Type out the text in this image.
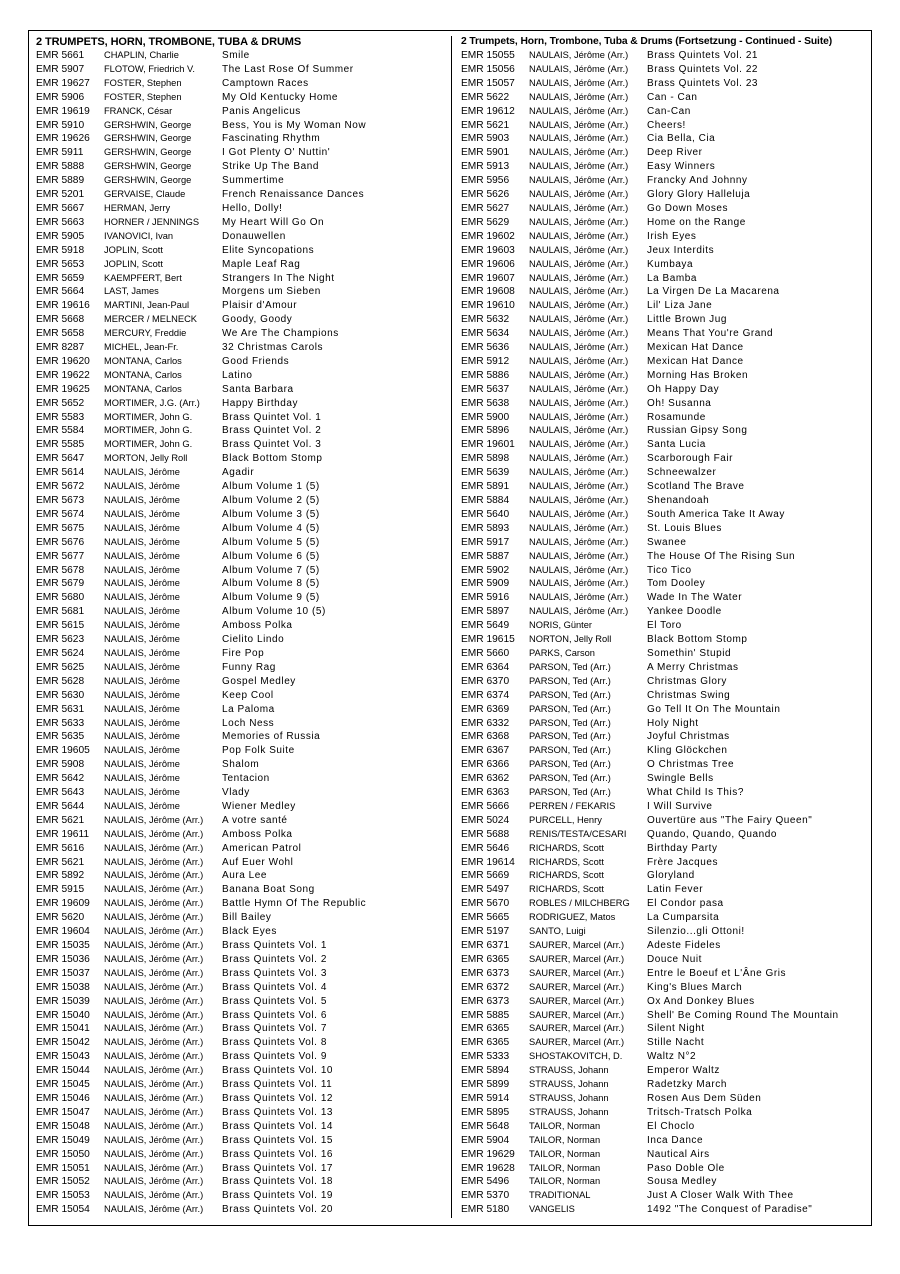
2 TRUMPETS, HORN, TROMBONE, TUBA & DRUMS
EMR 5661	CHAPLIN, Charlie	Smile
EMR 5907	FLOTOW, Friedrich V.	The Last Rose Of Summer
EMR 19627	FOSTER, Stephen	Camptown Races
EMR 5906	FOSTER, Stephen	My Old Kentucky Home
EMR 19619	FRANCK, César	Panis Angelicus
EMR 5910	GERSHWIN, George	Bess, You is My Woman Now
EMR 19626	GERSHWIN, George	Fascinating Rhythm
EMR 5911	GERSHWIN, George	I Got Plenty O' Nuttin'
EMR 5888	GERSHWIN, George	Strike Up The Band
EMR 5889	GERSHWIN, George	Summertime
EMR 5201	GERVAISE, Claude	French Renaissance Dances
EMR 5667	HERMAN, Jerry	Hello, Dolly!
EMR 5663	HORNER / JENNINGS	My Heart Will Go On
EMR 5905	IVANOVICI, Ivan	Donauwellen
EMR 5918	JOPLIN, Scott	Elite Syncopations
EMR 5653	JOPLIN, Scott	Maple Leaf Rag
EMR 5659	KAEMPFERT, Bert	Strangers In The Night
EMR 5664	LAST, James	Morgens um Sieben
EMR 19616	MARTINI, Jean-Paul	Plaisir d'Amour
EMR 5668	MERCER / MELNECK	Goody, Goody
EMR 5658	MERCURY, Freddie	We Are The Champions
EMR 8287	MICHEL, Jean-Fr.	32 Christmas Carols
EMR 19620	MONTANA, Carlos	Good Friends
EMR 19622	MONTANA, Carlos	Latino
EMR 19625	MONTANA, Carlos	Santa Barbara
EMR 5652	MORTIMER, J.G. (Arr.)	Happy Birthday
EMR 5583	MORTIMER, John G.	Brass Quintet Vol. 1
EMR 5584	MORTIMER, John G.	Brass Quintet Vol. 2
EMR 5585	MORTIMER, John G.	Brass Quintet Vol. 3
EMR 5647	MORTON, Jelly Roll	Black Bottom Stomp
EMR 5614	NAULAIS, Jérôme	Agadir
EMR 5672	NAULAIS, Jérôme	Album Volume 1 (5)
EMR 5673	NAULAIS, Jérôme	Album Volume 2 (5)
EMR 5674	NAULAIS, Jérôme	Album Volume 3 (5)
EMR 5675	NAULAIS, Jérôme	Album Volume 4 (5)
EMR 5676	NAULAIS, Jérôme	Album Volume 5 (5)
EMR 5677	NAULAIS, Jérôme	Album Volume 6 (5)
EMR 5678	NAULAIS, Jérôme	Album Volume 7 (5)
EMR 5679	NAULAIS, Jérôme	Album Volume 8 (5)
EMR 5680	NAULAIS, Jérôme	Album Volume 9 (5)
EMR 5681	NAULAIS, Jérôme	Album Volume 10 (5)
EMR 5615	NAULAIS, Jérôme	Amboss Polka
EMR 5623	NAULAIS, Jérôme	Cielito Lindo
EMR 5624	NAULAIS, Jérôme	Fire Pop
EMR 5625	NAULAIS, Jérôme	Funny Rag
EMR 5628	NAULAIS, Jérôme	Gospel Medley
EMR 5630	NAULAIS, Jérôme	Keep Cool
EMR 5631	NAULAIS, Jérôme	La Paloma
EMR 5633	NAULAIS, Jérôme	Loch Ness
EMR 5635	NAULAIS, Jérôme	Memories of Russia
EMR 19605	NAULAIS, Jérôme	Pop Folk Suite
EMR 5908	NAULAIS, Jérôme	Shalom
EMR 5642	NAULAIS, Jérôme	Tentacion
EMR 5643	NAULAIS, Jérôme	Vlady
EMR 5644	NAULAIS, Jérôme	Wiener Medley
EMR 5621	NAULAIS, Jérôme (Arr.)	A votre santé
EMR 19611	NAULAIS, Jérôme (Arr.)	Amboss Polka
EMR 5616	NAULAIS, Jérôme (Arr.)	American Patrol
EMR 5621	NAULAIS, Jérôme (Arr.)	Auf Euer Wohl
EMR 5892	NAULAIS, Jérôme (Arr.)	Aura Lee
EMR 5915	NAULAIS, Jérôme (Arr.)	Banana Boat Song
EMR 19609	NAULAIS, Jérôme (Arr.)	Battle Hymn Of The Republic
EMR 5620	NAULAIS, Jérôme (Arr.)	Bill Bailey
EMR 19604	NAULAIS, Jérôme (Arr.)	Black Eyes
EMR 15035	NAULAIS, Jérôme (Arr.)	Brass Quintets Vol. 1
EMR 15036	NAULAIS, Jérôme (Arr.)	Brass Quintets Vol. 2
EMR 15037	NAULAIS, Jérôme (Arr.)	Brass Quintets Vol. 3
EMR 15038	NAULAIS, Jérôme (Arr.)	Brass Quintets Vol. 4
EMR 15039	NAULAIS, Jérôme (Arr.)	Brass Quintets Vol. 5
EMR 15040	NAULAIS, Jérôme (Arr.)	Brass Quintets Vol. 6
EMR 15041	NAULAIS, Jérôme (Arr.)	Brass Quintets Vol. 7
EMR 15042	NAULAIS, Jérôme (Arr.)	Brass Quintets Vol. 8
EMR 15043	NAULAIS, Jérôme (Arr.)	Brass Quintets Vol. 9
EMR 15044	NAULAIS, Jérôme (Arr.)	Brass Quintets Vol. 10
EMR 15045	NAULAIS, Jérôme (Arr.)	Brass Quintets Vol. 11
EMR 15046	NAULAIS, Jérôme (Arr.)	Brass Quintets Vol. 12
EMR 15047	NAULAIS, Jérôme (Arr.)	Brass Quintets Vol. 13
EMR 15048	NAULAIS, Jérôme (Arr.)	Brass Quintets Vol. 14
EMR 15049	NAULAIS, Jérôme (Arr.)	Brass Quintets Vol. 15
EMR 15050	NAULAIS, Jérôme (Arr.)	Brass Quintets Vol. 16
EMR 15051	NAULAIS, Jérôme (Arr.)	Brass Quintets Vol. 17
EMR 15052	NAULAIS, Jérôme (Arr.)	Brass Quintets Vol. 18
EMR 15053	NAULAIS, Jérôme (Arr.)	Brass Quintets Vol. 19
EMR 15054	NAULAIS, Jérôme (Arr.)	Brass Quintets Vol. 20
2 Trumpets, Horn, Trombone, Tuba & Drums (Fortsetzung - Continued - Suite)
EMR 15055	NAULAIS, Jérôme (Arr.)	Brass Quintets Vol. 21
EMR 15056	NAULAIS, Jérôme (Arr.)	Brass Quintets Vol. 22
EMR 15057	NAULAIS, Jérôme (Arr.)	Brass Quintets Vol. 23
EMR 5622	NAULAIS, Jérôme (Arr.)	Can - Can
EMR 19612	NAULAIS, Jérôme (Arr.)	Can-Can
EMR 5621	NAULAIS, Jérôme (Arr.)	Cheers!
EMR 5903	NAULAIS, Jérôme (Arr.)	Cia Bella, Cia
EMR 5901	NAULAIS, Jérôme (Arr.)	Deep River
EMR 5913	NAULAIS, Jérôme (Arr.)	Easy Winners
EMR 5956	NAULAIS, Jérôme (Arr.)	Francky And Johnny
EMR 5626	NAULAIS, Jérôme (Arr.)	Glory Glory Halleluja
EMR 5627	NAULAIS, Jérôme (Arr.)	Go Down Moses
EMR 5629	NAULAIS, Jérôme (Arr.)	Home on the Range
EMR 19602	NAULAIS, Jérôme (Arr.)	Irish Eyes
EMR 19603	NAULAIS, Jérôme (Arr.)	Jeux Interdits
EMR 19606	NAULAIS, Jérôme (Arr.)	Kumbaya
EMR 19607	NAULAIS, Jérôme (Arr.)	La Bamba
EMR 19608	NAULAIS, Jérôme (Arr.)	La Virgen De La Macarena
EMR 19610	NAULAIS, Jérôme (Arr.)	Lil' Liza Jane
EMR 5632	NAULAIS, Jérôme (Arr.)	Little Brown Jug
EMR 5634	NAULAIS, Jérôme (Arr.)	Means That You're Grand
EMR 5636	NAULAIS, Jérôme (Arr.)	Mexican Hat Dance
EMR 5912	NAULAIS, Jérôme (Arr.)	Mexican Hat Dance
EMR 5886	NAULAIS, Jérôme (Arr.)	Morning Has Broken
EMR 5637	NAULAIS, Jérôme (Arr.)	Oh Happy Day
EMR 5638	NAULAIS, Jérôme (Arr.)	Oh! Susanna
EMR 5900	NAULAIS, Jérôme (Arr.)	Rosamunde
EMR 5896	NAULAIS, Jérôme (Arr.)	Russian Gipsy Song
EMR 19601	NAULAIS, Jérôme (Arr.)	Santa Lucia
EMR 5898	NAULAIS, Jérôme (Arr.)	Scarborough Fair
EMR 5639	NAULAIS, Jérôme (Arr.)	Schneewalzer
EMR 5891	NAULAIS, Jérôme (Arr.)	Scotland The Brave
EMR 5884	NAULAIS, Jérôme (Arr.)	Shenandoah
EMR 5640	NAULAIS, Jérôme (Arr.)	South America Take It Away
EMR 5893	NAULAIS, Jérôme (Arr.)	St. Louis Blues
EMR 5917	NAULAIS, Jérôme (Arr.)	Swanee
EMR 5887	NAULAIS, Jérôme (Arr.)	The House Of The Rising Sun
EMR 5902	NAULAIS, Jérôme (Arr.)	Tico Tico
EMR 5909	NAULAIS, Jérôme (Arr.)	Tom Dooley
EMR 5916	NAULAIS, Jérôme (Arr.)	Wade In The Water
EMR 5897	NAULAIS, Jérôme (Arr.)	Yankee Doodle
EMR 5649	NORIS, Günter	El Toro
EMR 19615	NORTON, Jelly Roll	Black Bottom Stomp
EMR 5660	PARKS, Carson	Somethin' Stupid
EMR 6364	PARSON, Ted (Arr.)	A Merry Christmas
EMR 6370	PARSON, Ted (Arr.)	Christmas Glory
EMR 6374	PARSON, Ted (Arr.)	Christmas Swing
EMR 6369	PARSON, Ted (Arr.)	Go Tell It On The Mountain
EMR 6332	PARSON, Ted (Arr.)	Holy Night
EMR 6368	PARSON, Ted (Arr.)	Joyful Christmas
EMR 6367	PARSON, Ted (Arr.)	Kling Glöckchen
EMR 6366	PARSON, Ted (Arr.)	O Christmas Tree
EMR 6362	PARSON, Ted (Arr.)	Swingle Bells
EMR 6363	PARSON, Ted (Arr.)	What Child Is This?
EMR 5666	PERREN / FEKARIS	I Will Survive
EMR 5024	PURCELL, Henry	Ouvertüre aus "The Fairy Queen"
EMR 5688	RENIS/TESTA/CESARI	Quando, Quando, Quando
EMR 5646	RICHARDS, Scott	Birthday Party
EMR 19614	RICHARDS, Scott	Frère Jacques
EMR 5669	RICHARDS, Scott	Gloryland
EMR 5497	RICHARDS, Scott	Latin Fever
EMR 5670	ROBLES / MILCHBERG	El Condor pasa
EMR 5665	RODRIGUEZ, Matos	La Cumparsita
EMR 5197	SANTO, Luigi	Silenzio...gli Ottoni!
EMR 6371	SAURER, Marcel (Arr.)	Adeste Fideles
EMR 6365	SAURER, Marcel (Arr.)	Douce Nuit
EMR 6373	SAURER, Marcel (Arr.)	Entre le Boeuf et L'Âne Gris
EMR 6372	SAURER, Marcel (Arr.)	King's Blues March
EMR 6373	SAURER, Marcel (Arr.)	Ox And Donkey Blues
EMR 5885	SAURER, Marcel (Arr.)	Shell' Be Coming Round The Mountain
EMR 6365	SAURER, Marcel (Arr.)	Silent Night
EMR 6365	SAURER, Marcel (Arr.)	Stille Nacht
EMR 5333	SHOSTAKOVITCH, D.	Waltz N°2
EMR 5894	STRAUSS, Johann	Emperor Waltz
EMR 5899	STRAUSS, Johann	Radetzky March
EMR 5914	STRAUSS, Johann	Rosen Aus Dem Süden
EMR 5895	STRAUSS, Johann	Tritsch-Tratsch Polka
EMR 5648	TAILOR, Norman	El Choclo
EMR 5904	TAILOR, Norman	Inca Dance
EMR 19629	TAILOR, Norman	Nautical Airs
EMR 19628	TAILOR, Norman	Paso Doble Ole
EMR 5496	TAILOR, Norman	Sousa Medley
EMR 5370	TRADITIONAL	Just A Closer Walk With Thee
EMR 5180	VANGELIS	1492 "The Conquest of Paradise"
